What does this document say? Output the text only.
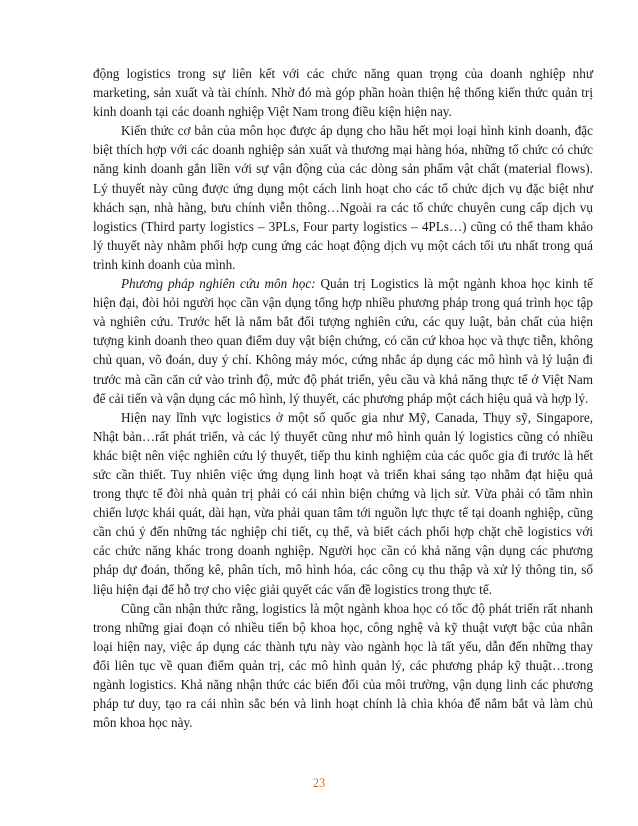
động logistics trong sự liên kết với các chức năng quan trọng của doanh nghiệp như marketing, sản xuất và tài chính. Nhờ đó mà góp phần hoàn thiện hệ thống kiến thức quản trị kinh doanh tại các doanh nghiệp Việt Nam trong điều kiện hiện nay.

Kiến thức cơ bản của môn học được áp dụng cho hầu hết mọi loại hình kinh doanh, đặc biệt thích hợp với các doanh nghiệp sản xuất và thương mại hàng hóa, những tổ chức có chức năng kinh doanh gắn liền với sự vận động của các dòng sản phẩm vật chất (material flows). Lý thuyết này cũng được ứng dụng một cách linh hoạt cho các tổ chức dịch vụ đặc biệt như khách sạn, nhà hàng, bưu chính viễn thông…Ngoài ra các tổ chức chuyên cung cấp dịch vụ logistics (Third party logistics – 3PLs, Four party logistics – 4PLs…) cũng có thể tham khảo lý thuyết này nhằm phối hợp cung ứng các hoạt động dịch vụ một cách tối ưu nhất trong quá trình kinh doanh của mình.

Phương pháp nghiên cứu môn học: Quản trị Logistics là một ngành khoa học kinh tế hiện đại, đòi hỏi người học cần vận dụng tổng hợp nhiều phương pháp trong quá trình học tập và nghiên cứu. Trước hết là nắm bắt đối tượng nghiên cứu, các quy luật, bản chất của hiện tượng kinh doanh theo quan điểm duy vật biện chứng, có căn cứ khoa học và thực tiễn, không chủ quan, võ đoán, duy ý chí. Không máy móc, cứng nhắc áp dụng các mô hình và lý luận đi trước mà cần căn cứ vào trình độ, mức độ phát triển, yêu cầu và khả năng thực tế ở Việt Nam để cải tiến và vận dụng các mô hình, lý thuyết, các phương pháp một cách hiệu quả và hợp lý.

Hiện nay lĩnh vực logistics ở một số quốc gia như Mỹ, Canada, Thụy sỹ, Singapore, Nhật bản…rất phát triển, và các lý thuyết cũng như mô hình quản lý logistics cũng có nhiều khác biệt nên việc nghiên cứu lý thuyết, tiếp thu kinh nghiệm của các quốc gia đi trước là hết sức cần thiết. Tuy nhiên việc ứng dụng linh hoạt và triển khai sáng tạo nhằm đạt hiệu quả trong thực tế đòi nhà quản trị phải có cái nhìn biện chứng và lịch sử. Vừa phải có tầm nhìn chiến lược khái quát, dài hạn, vừa phải quan tâm tới nguồn lực thực tế tại doanh nghiệp, cũng cần chú ý đến những tác nghiệp chi tiết, cụ thể, và biết cách phối hợp chặt chẽ logistics với các chức năng khác trong doanh nghiệp. Người học cần có khả năng vận dụng các phương pháp dự đoán, thống kê, phân tích, mô hình hóa, các công cụ thu thập và xử lý thông tin, số liệu hiện đại để hỗ trợ cho việc giải quyết các vấn đề logistics trong thực tế.

Cũng cần nhận thức rằng, logistics là một ngành khoa học có tốc độ phát triển rất nhanh trong những giai đoạn có nhiều tiến bộ khoa học, công nghệ và kỹ thuật vượt bậc của nhân loại hiện nay, việc áp dụng các thành tựu này vào ngành học là tất yếu, dẫn đến những thay đổi liên tục về quan điểm quản trị, các mô hình quản lý, các phương pháp kỹ thuật…trong ngành logistics. Khả năng nhận thức các biến đổi của môi trường, vận dụng linh các phương pháp tư duy, tạo ra cái nhìn sắc bén và linh hoạt chính là chìa khóa để nắm bắt và làm chủ môn khoa học này.

23
